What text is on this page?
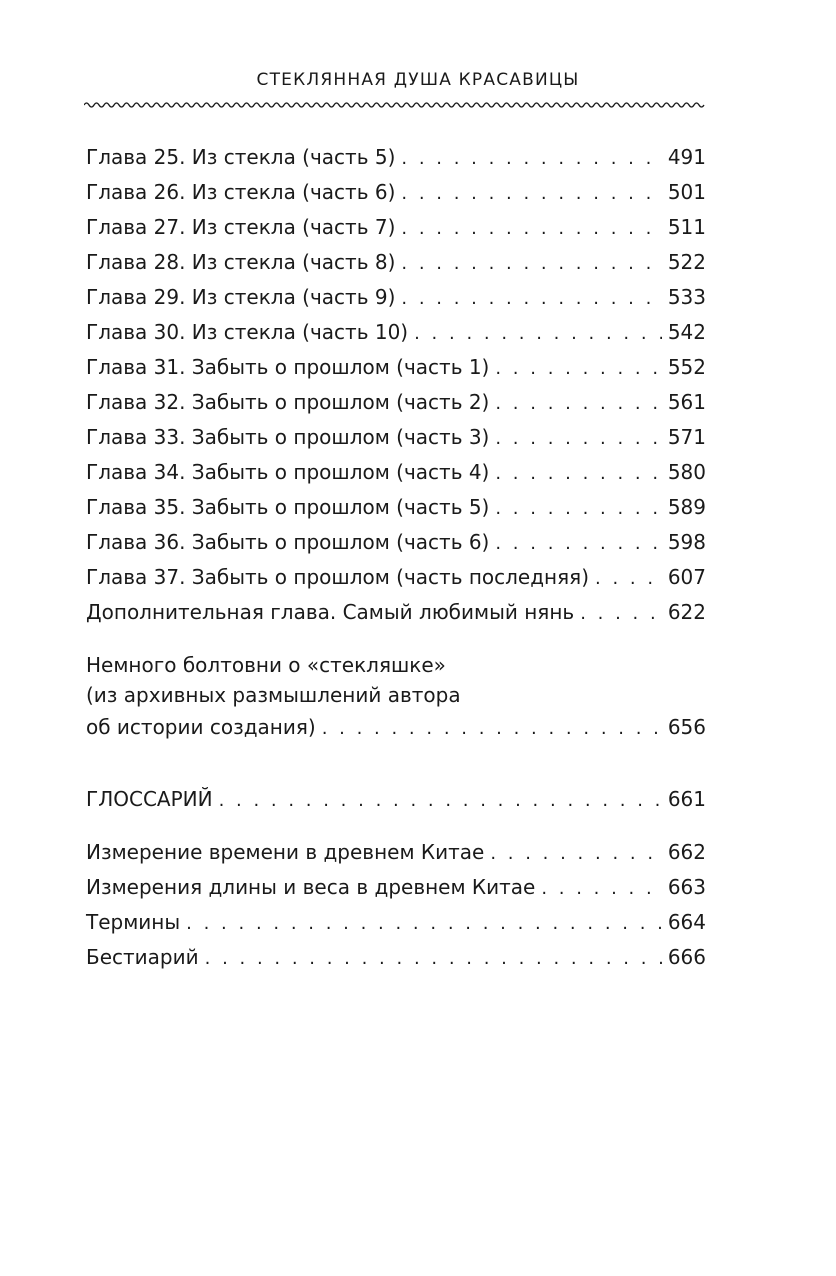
СТЕКЛЯННАЯ ДУША КРАСАВИЦЫ
Глава 25. Из стекла (часть 5) . . .	491
Глава 26. Из стекла (часть 6) . . .	501
Глава 27. Из стекла (часть 7) . . .	511
Глава 28. Из стекла (часть 8) . . .	522
Глава 29. Из стекла (часть 9) . . .	533
Глава 30. Из стекла (часть 10) . . .	542
Глава 31. Забыть о прошлом (часть 1) . . .	552
Глава 32. Забыть о прошлом (часть 2) . . .	561
Глава 33. Забыть о прошлом (часть 3) . . .	571
Глава 34. Забыть о прошлом (часть 4) . . .	580
Глава 35. Забыть о прошлом (часть 5) . . .	589
Глава 36. Забыть о прошлом (часть 6) . . .	598
Глава 37. Забыть о прошлом (часть последняя) . . .	607
Дополнительная глава. Самый любимый нянь . . .	622
Немного болтовни о «стекляшке»
(из архивных размышлений автора
об истории создания) . . .	656
ГЛОССАРИЙ . . .	661
Измерение времени в древнем Китае . . .	662
Измерения длины и веса в древнем Китае . . .	663
Термины . . .	664
Бестиарий . . .	666
